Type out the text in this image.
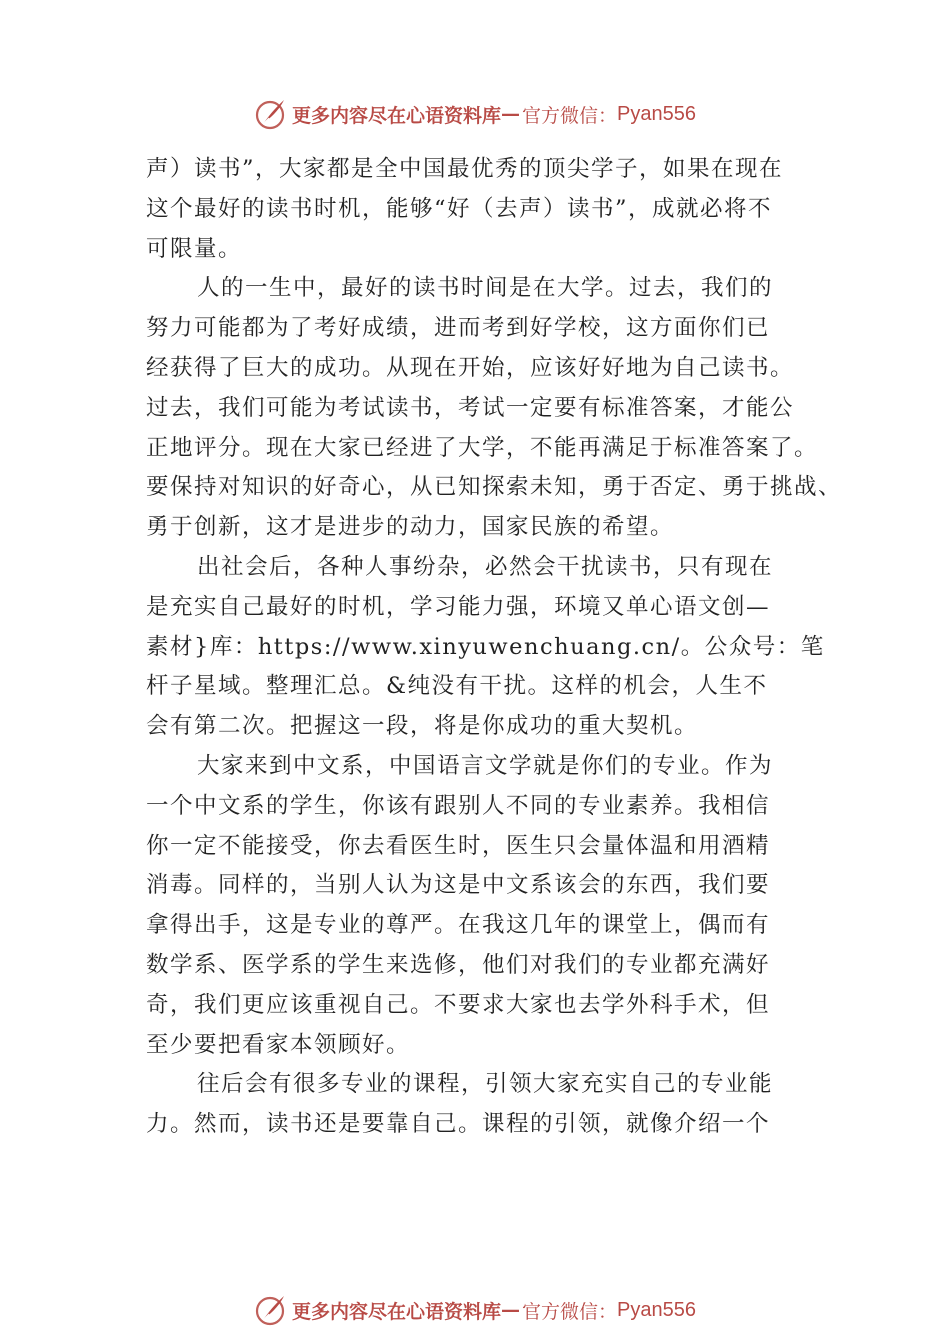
更多内容尽在心语资料库 — 官方微信： Pyan556
声）读书”，大家都是全中国最优秀的顶尖学子，如果在现在
这个最好的读书时机，能够“好（去声）读书”，成就必将不
可限量。
人的一生中，最好的读书时间是在大学。过去，我们的
努力可能都为了考好成绩，进而考到好学校，这方面你们已
经获得了巨大的成功。从现在开始，应该好好地为自己读书。
过去，我们可能为考试读书，考试一定要有标准答案，才能公
正地评分。现在大家已经进了大学，不能再满足于标准答案了。
要保持对知识的好奇心，从已知探索未知，勇于否定、勇于挑战、
勇于创新，这才是进步的动力，国家民族的希望。
出社会后，各种人事纷杂，必然会干扰读书，只有现在
是充实自己最好的时机，学习能力强，环境又单心语文创—
素材}库：https://www.xinyuwenchuang.cn/。公众号：笔
杆子星域。整理汇总。&纯没有干扰。这样的机会，人生不
会有第二次。把握这一段，将是你成功的重大契机。
大家来到中文系，中国语言文学就是你们的专业。作为
一个中文系的学生，你该有跟别人不同的专业素养。我相信
你一定不能接受，你去看医生时，医生只会量体温和用酒精
消毒。同样的，当别人认为这是中文系该会的东西，我们要
拿得出手，这是专业的尊严。在我这几年的课堂上，偶而有
数学系、医学系的学生来选修，他们对我们的专业都充满好
奇，我们更应该重视自己。不要求大家也去学外科手术，但
至少要把看家本领顾好。
往后会有很多专业的课程，引领大家充实自己的专业能
力。然而，读书还是要靠自己。课程的引领，就像介绍一个
更多内容尽在心语资料库 — 官方微信： Pyan556
